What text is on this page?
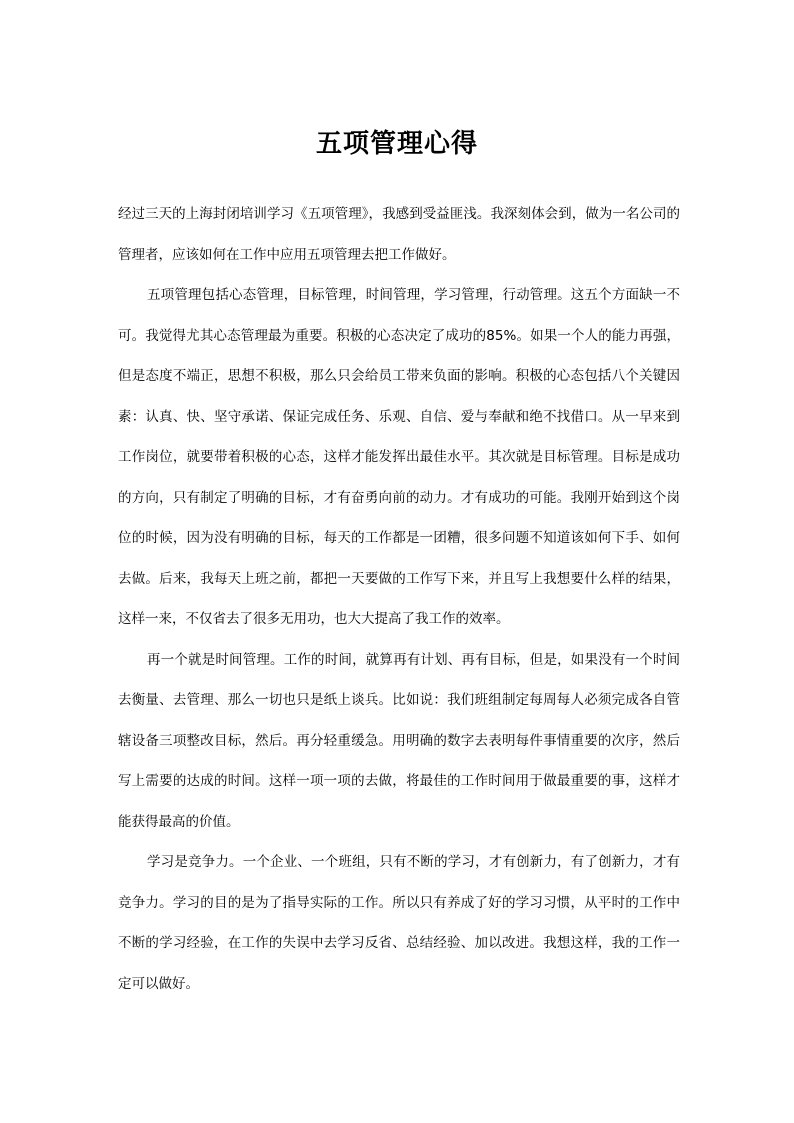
五项管理心得

经过三天的上海封闭培训学习《五项管理》，我感到受益匪浅。我深刻体会到，做为一名公司的管理者，应该如何在工作中应用五项管理去把工作做好。

五项管理包括心态管理，目标管理，时间管理，学习管理，行动管理。这五个方面缺一不可。我觉得尤其心态管理最为重要。积极的心态决定了成功的85%。如果一个人的能力再强，但是态度不端正，思想不积极，那么只会给员工带来负面的影响。积极的心态包括八个关键因素：认真、快、坚守承诺、保证完成任务、乐观、自信、爱与奉献和绝不找借口。从一早来到工作岗位，就要带着积极的心态，这样才能发挥出最佳水平。其次就是目标管理。目标是成功的方向，只有制定了明确的目标，才有奋勇向前的动力。才有成功的可能。我刚开始到这个岗位的时候，因为没有明确的目标，每天的工作都是一团糟，很多问题不知道该如何下手、如何去做。后来，我每天上班之前，都把一天要做的工作写下来，并且写上我想要什么样的结果，这样一来，不仅省去了很多无用功，也大大提高了我工作的效率。

再一个就是时间管理。工作的时间，就算再有计划、再有目标，但是，如果没有一个时间去衡量、去管理、那么一切也只是纸上谈兵。比如说：我们班组制定每周每人必须完成各自管辖设备三项整改目标，然后。再分轻重缓急。用明确的数字去表明每件事情重要的次序，然后写上需要的达成的时间。这样一项一项的去做，将最佳的工作时间用于做最重要的事，这样才能获得最高的价值。

学习是竞争力。一个企业、一个班组，只有不断的学习，才有创新力，有了创新力，才有竞争力。学习的目的是为了指导实际的工作。所以只有养成了好的学习习惯，从平时的工作中不断的学习经验，在工作的失误中去学习反省、总结经验、加以改进。我想这样，我的工作一定可以做好。
